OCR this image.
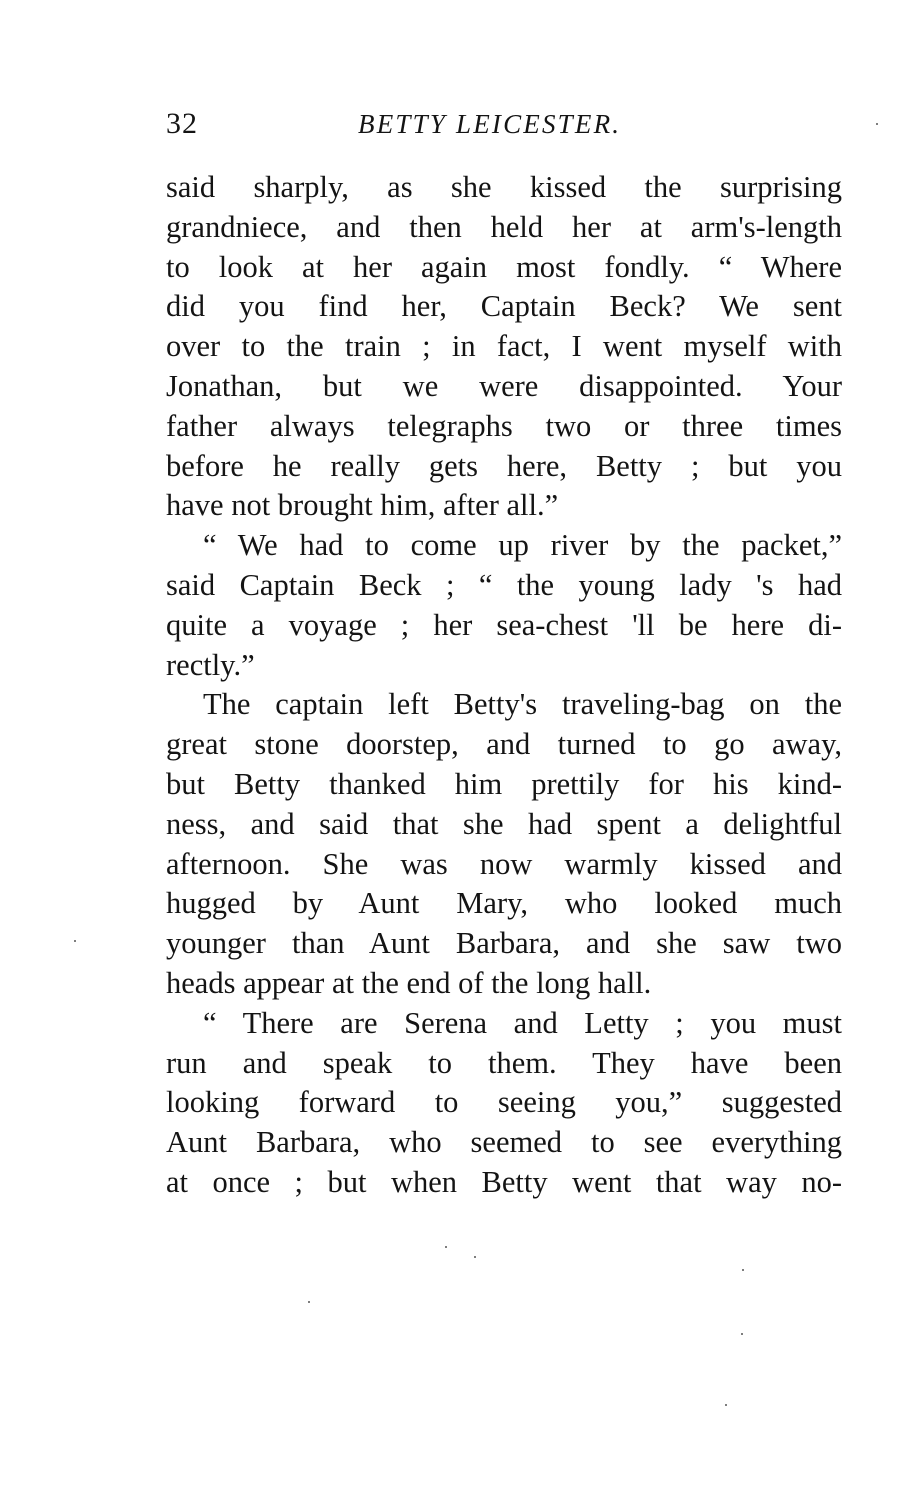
32	BETTY LEICESTER.
said sharply, as she kissed the surprising
grandniece, and then held her at arm's-length
to look at her again most fondly. “ Where
did you find her, Captain Beck? We sent
over to the train ; in fact, I went myself with
Jonathan, but we were disappointed. Your
father always telegraphs two or three times
before he really gets here, Betty ; but you
have not brought him, after all.”
“ We had to come up river by the packet,”
said Captain Beck ; “ the young lady 's had
quite a voyage ; her sea-chest 'll be here di-
rectly.”
The captain left Betty's traveling-bag on the
great stone doorstep, and turned to go away,
but Betty thanked him prettily for his kind-
ness, and said that she had spent a delightful
afternoon. She was now warmly kissed and
hugged by Aunt Mary, who looked much
younger than Aunt Barbara, and she saw two
heads appear at the end of the long hall.
“ There are Serena and Letty ; you must
run and speak to them. They have been
looking forward to seeing you,” suggested
Aunt Barbara, who seemed to see everything
at once ; but when Betty went that way no-
